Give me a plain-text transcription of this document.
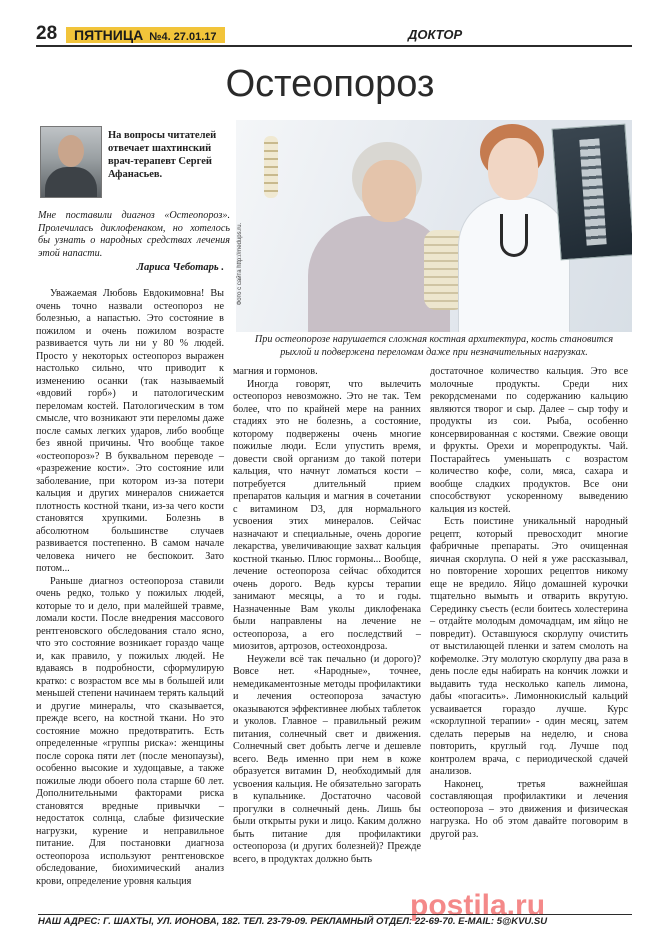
28	ПЯТНИЦА №4. 27.01.17	ДОКТОР
Остеопороз
На вопросы читателей отвечает шахтинский врач-терапевт Сергей Афанасьев.
Мне поставили диагноз «Остеопороз». Пролечилась диклофенаком, но хотелось бы узнать о народных средствах лечения этой напасти.
Лариса Чеботарь . Фото с сайта http://medups.ru.
При остеопорозе нарушается сложная костная архитектура, кость становится рыхлой и подвержена переломам даже при незначительных нагрузках.

Уважаемая Любовь Евдокимовна! Вы очень точно назвали остеопороз не болезнью, а напастью. Это состояние в пожилом и очень пожилом возрасте развивается чуть ли ни у 80 % людей. Просто у некоторых остеопороз выражен настолько сильно, что приводит к изменению осанки (так называемый «вдовий горб») и патологическим переломам костей. Патологическим в том смысле, что возникают эти переломы даже после самых легких ударов, либо вообще без явной причины. Что вообще такое «остеопороз»? В буквальном переводе – «разрежение кости». Это состояние или заболевание, при котором из-за потери кальция и других минералов снижается плотность костной ткани, из-за чего кости становятся хрупкими. Болезнь в абсолютном большинстве случаев развивается постепенно. В самом начале человека ничего не беспокоит. Зато потом...

Раньше диагноз остеопороза ставили очень редко, только у пожилых людей, которые то и дело, при малейшей травме, ломали кости. После внедрения массового рентгеновского обследования стало ясно, что это состояние возникает гораздо чаще и, как правило, у пожилых людей. Не вдаваясь в подробности, сформулирую кратко: с возрастом все мы в большей или меньшей степени начинаем терять кальций и другие минералы, что сказывается, прежде всего, на костной ткани. Но это состояние можно предотвратить. Есть определенные «группы риска»: женщины после сорока пяти лет (после менопаузы), особенно высокие и худощавые, а также пожилые люди обоего пола старше 60 лет. Дополнительными факторами риска становятся вредные привычки – недостаток солнца, слабые физические нагрузки, курение и неправильное питание. Для постановки диагноза остеопороза используют рентгеновское обследование, биохимический анализ крови, определение уровня кальция

магния и гормонов.

Иногда говорят, что вылечить остеопороз невозможно. Это не так. Тем более, что по крайней мере на ранних стадиях это не болезнь, а состояние, которому подвержены очень многие пожилые люди. Если упустить время, довести свой организм до такой потери кальция, что начнут ломаться кости – потребуется длительный прием препаратов кальция и магния в сочетании с витамином D3, для нормального усвоения этих минералов. Сейчас назначают и специальные, очень дорогие лекарства, увеличивающие захват кальция костной тканью. Плюс гормоны... Вообще, лечение остеопороза сейчас обходится очень дорого. Ведь курсы терапии занимают месяцы, а то и годы. Назначенные Вам уколы диклофенака были направлены на лечение не остеопороза, а его последствий – миозитов, артрозов, остеохондроза.

Неужели всё так печально (и дорого)? Вовсе нет. «Народные», точнее, немедикаментозные методы профилактики и лечения остеопороза зачастую оказываются эффективнее любых таблеток и уколов. Главное – правильный режим питания, солнечный свет и движения. Солнечный свет добыть легче и дешевле всего. Ведь именно при нем в коже образуется витамин D, необходимый для усвоения кальция. Не обязательно загорать в купальнике. Достаточно часовой прогулки в солнечный день. Лишь бы были открыты руки и лицо. Каким должно быть питание для профилактики остеопороза (и других болезней)? Прежде всего, в продуктах должно быть

достаточное количество кальция. Это все молочные продукты. Среди них рекордсменами по содержанию кальцию являются творог и сыр. Далее – сыр тофу и продукты из сои. Рыба, особенно консервированная с костями. Свежие овощи и фрукты. Орехи и морепродукты. Чай. Постарайтесь уменьшать с возрастом количество кофе, соли, мяса, сахара и вообще сладких продуктов. Все они способствуют ускоренному выведению кальция из костей.

Есть поистине уникальный народный рецепт, который превосходит многие фабричные препараты. Это очищенная яичная скорлупа. О ней я уже рассказывал, но повторение хороших рецептов никому еще не вредило. Яйцо домашней курочки тщательно вымыть и отварить вкрутую. Серединку съесть (если боитесь холестерина – отдайте молодым домочадцам, им яйцо не повредит). Оставшуюся скорлупу очистить от выстилающей пленки и затем смолоть на кофемолке. Эту молотую скорлупу два раза в день после еды набирать на кончик ложки и выдавить туда несколько капель лимона, дабы «погасить». Лимоннокислый кальций усваивается гораздо лучше. Курс «скорлупной терапии» - один месяц, затем сделать перерыв на неделю, и снова повторить, круглый год. Лучше под контролем врача, с периодической сдачей анализов.

Наконец, третья важнейшая составляющая профилактики и лечения остеопороза – это движения и физическая нагрузка. Но об этом давайте поговорим в другой раз.

postila.ru
НАШ АДРЕС: Г. ШАХТЫ, УЛ. ИОНОВА, 182. ТЕЛ. 23-79-09. РЕКЛАМНЫЙ ОТДЕЛ: 22-69-70. E-MAIL: 5@KVU.SU
